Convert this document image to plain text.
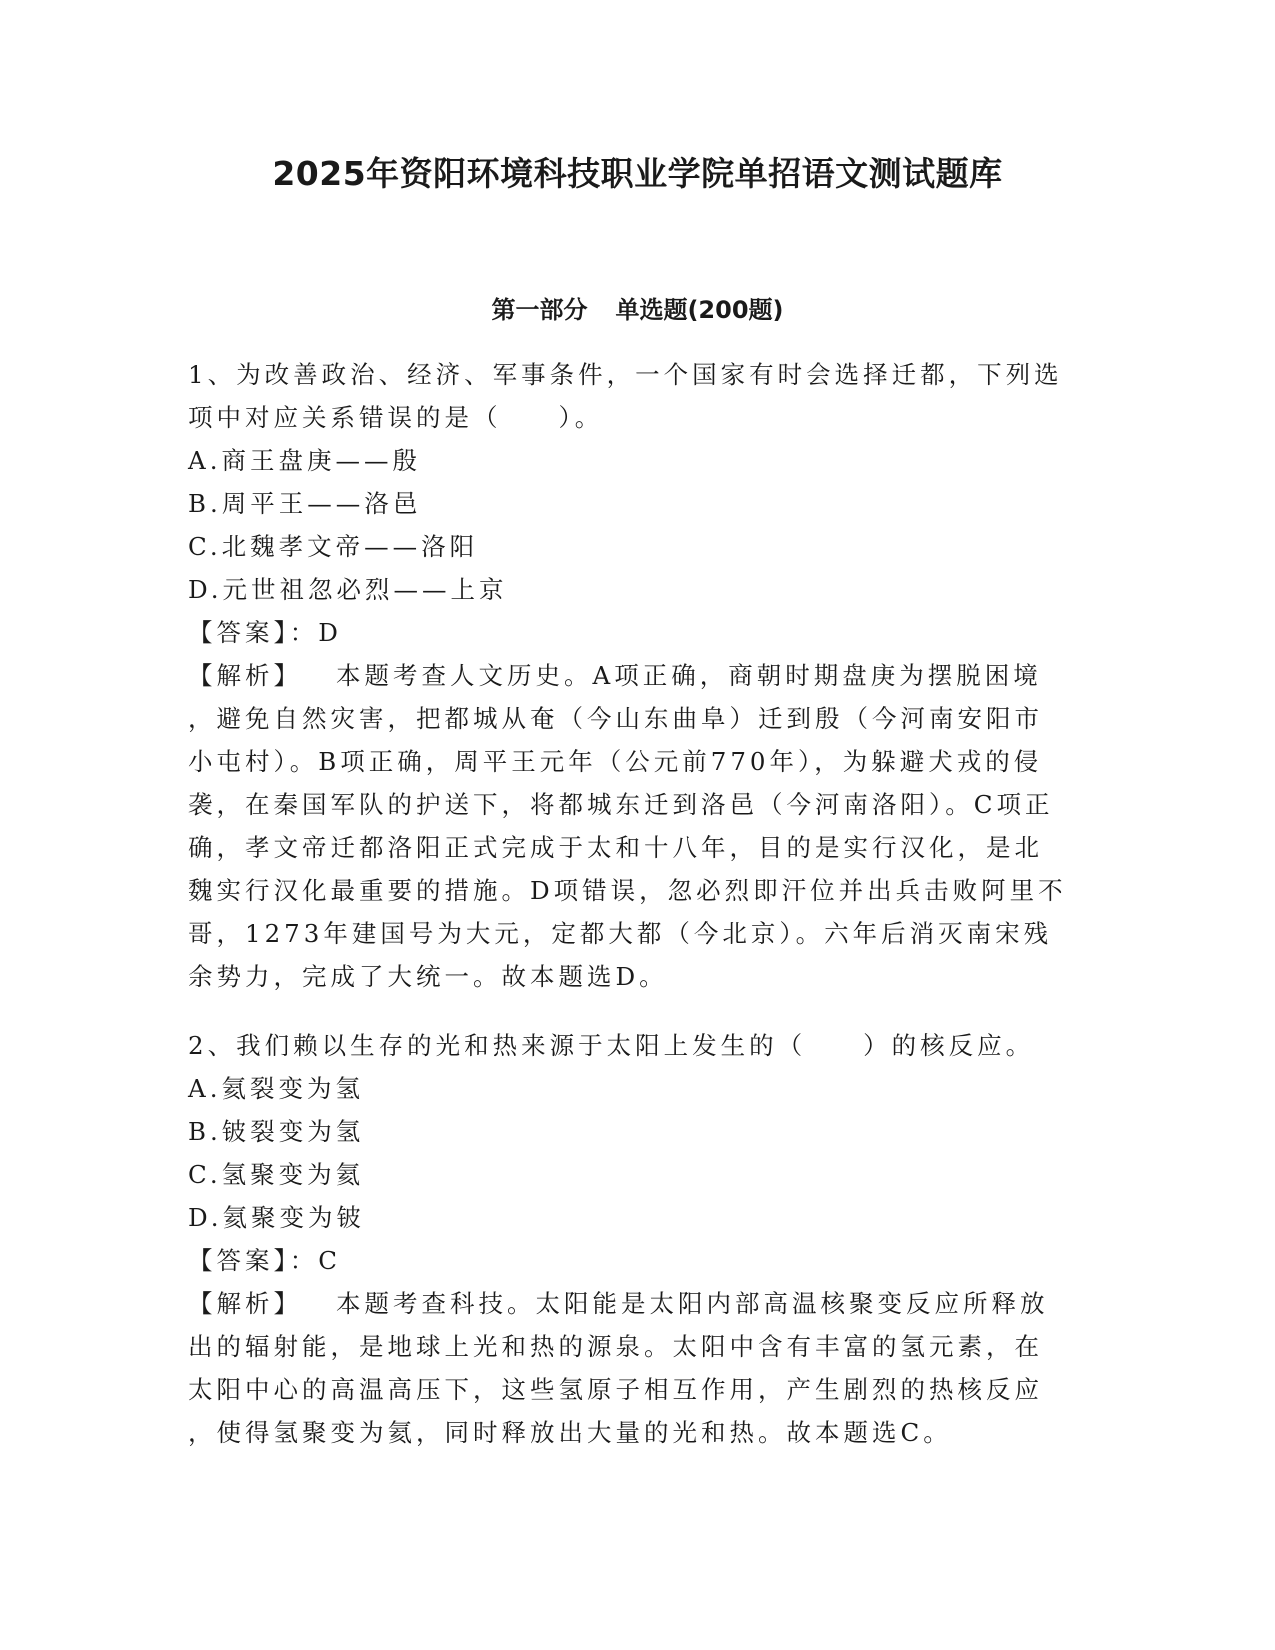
2025年资阳环境科技职业学院单招语文测试题库
第一部分 单选题(200题)
1、为改善政治、经济、军事条件，一个国家有时会选择迁都，下列选
项中对应关系错误的是（　　）。
A.商王盘庚——殷
B.周平王——洛邑
C.北魏孝文帝——洛阳
D.元世祖忽必烈——上京
【答案】：D
【解析】 本题考查人文历史。A项正确，商朝时期盘庚为摆脱困境
，避免自然灾害，把都城从奄（今山东曲阜）迁到殷（今河南安阳市
小屯村）。B项正确，周平王元年（公元前770年），为躲避犬戎的侵
袭，在秦国军队的护送下，将都城东迁到洛邑（今河南洛阳）。C项正
确，孝文帝迁都洛阳正式完成于太和十八年，目的是实行汉化，是北
魏实行汉化最重要的措施。D项错误，忽必烈即汗位并出兵击败阿里不
哥，1273年建国号为大元，定都大都（今北京）。六年后消灭南宋残
余势力，完成了大统一。故本题选D。
2、我们赖以生存的光和热来源于太阳上发生的（　　）的核反应。
A.氦裂变为氢
B.铍裂变为氢
C.氢聚变为氦
D.氦聚变为铍
【答案】：C
【解析】 本题考查科技。太阳能是太阳内部高温核聚变反应所释放
出的辐射能，是地球上光和热的源泉。太阳中含有丰富的氢元素，在
太阳中心的高温高压下，这些氢原子相互作用，产生剧烈的热核反应
，使得氢聚变为氦，同时释放出大量的光和热。故本题选C。
